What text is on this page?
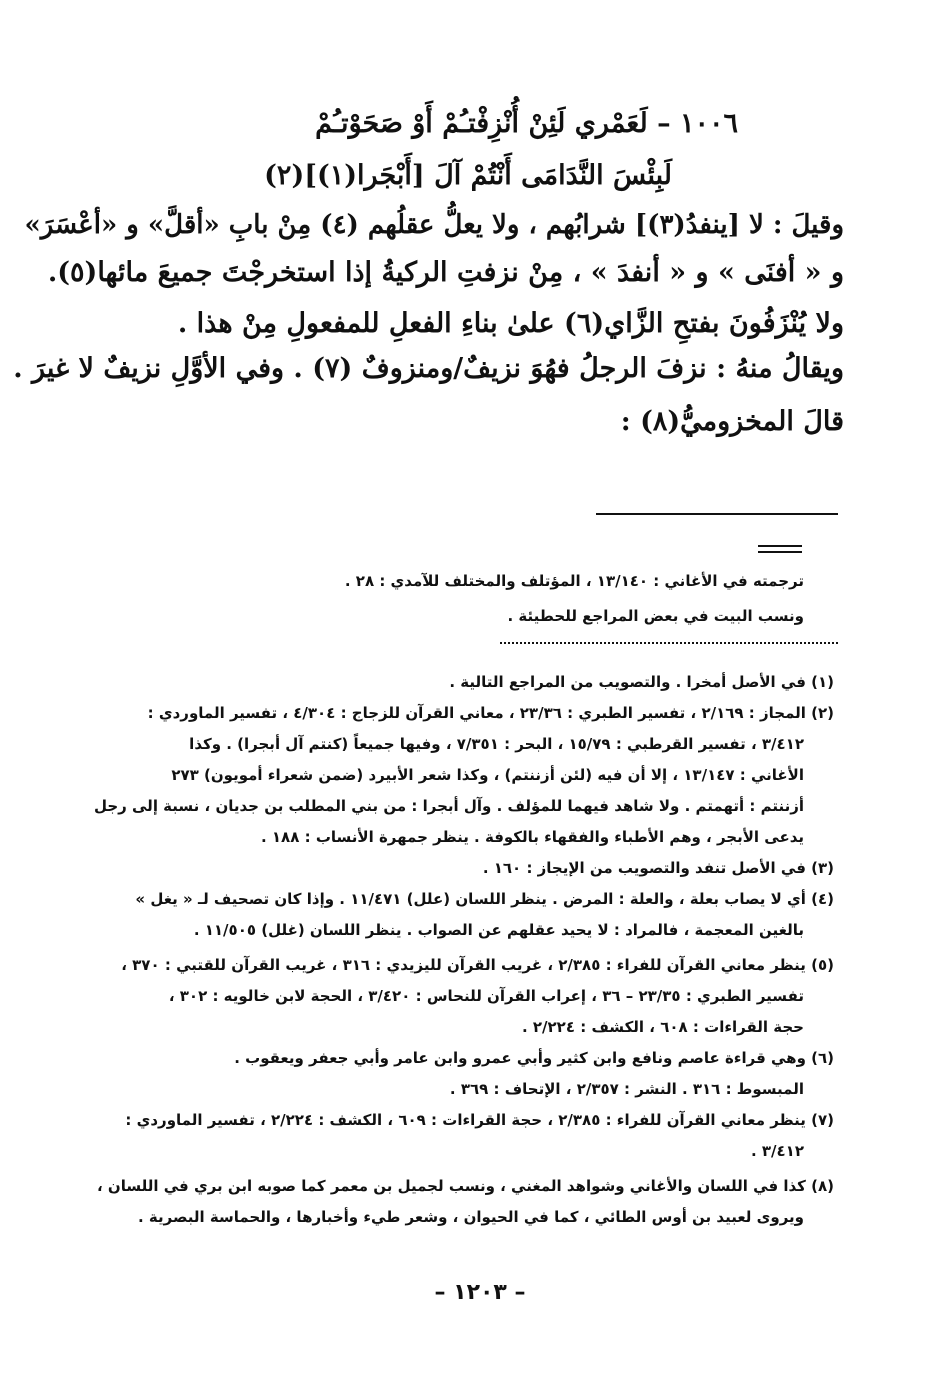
١٠٠٦ – لَعَمْري لَئِنْ أُنْزِفْتـُمْ أَوْ صَحَوْتـُمْ
لَبِئْسَ النَّدَامَى أَنْتُمْ آلَ [أَبْجَرا(١)](٢)
وقيلَ : لا [ينفدُ(٣)] شرابُهم ، ولا يعلُّ عقلُهم (٤) مِنْ بابِ «أقلَّ» و «أعْسَرَ»
و « أفنَى » و « أنفدَ » ، مِنْ نزفتِ الركيةُ إذا استخرجْتَ جميعَ مائها(٥).
ولا يُنْزَفُونَ بفتحِ الزَّاي(٦) علىٰ بناءِ الفعلِ للمفعولِ مِنْ هذا .
ويقالُ منهُ : نزفَ الرجلُ فهُوَ نزيفٌ/ومنزوفٌ (٧) . وفي الأوَّلِ نزيفٌ لا غيرَ .
قالَ المخزوميُّ(٨) :
ترجمته في الأغاني : ١٣/١٤٠ ، المؤتلف والمختلف للآمدي : ٢٨ .
ونسب البيت في بعض المراجع للحطيئة .
(١) في الأصل أمخرا . والتصويب من المراجع التالية .
(٢) المجاز : ٢/١٦٩ ، تفسير الطبري : ٢٣/٣٦ ، معاني القرآن للزجاج : ٤/٣٠٤ ، تفسير الماوردي :
٣/٤١٢ ، تفسير القرطبي : ١٥/٧٩ ، البحر : ٧/٣٥١ ، وفيها جميعاً (كنتم آل أبجرا) . وكذا
الأغاني : ١٣/١٤٧ ، إلا أن فيه (لئن أزننتم) ، وكذا شعر الأبيرد (ضمن شعراء أمويون) ٢٧٣
أزننتم : أتهمتم . ولا شاهد فيهما للمؤلف . وآل أبجرا : من بني المطلب بن جديان ، نسبة إلى رجل
يدعى الأبجر ، وهم الأطباء والفقهاء بالكوفة . ينظر جمهرة الأنساب : ١٨٨ .
(٣) في الأصل تنفد والتصويب من الإيجاز : ١٦٠ .
(٤) أي لا يصاب بعلة ، والعلة : المرض . ينظر اللسان (علل) ١١/٤٧١ . وإذا كان تصحيف لـ « يغل »
بالغين المعجمة ، فالمراد : لا يحيد عقلهم عن الصواب . ينظر اللسان (غلل) ١١/٥٠٥ .
(٥) ينظر معاني القرآن للفراء : ٢/٣٨٥ ، غريب القرآن لليزيدي : ٣١٦ ، غريب القرآن للقتبي : ٣٧٠ ،
تفسير الطبري : ٢٣/٣٥ – ٣٦ ، إعراب القرآن للنحاس : ٣/٤٢٠ ، الحجة لابن خالويه : ٣٠٢ ،
حجة القراءات : ٦٠٨ ، الكشف : ٢/٢٢٤ .
(٦) وهي قراءة عاصم ونافع وابن كثير وأبي عمرو وابن عامر وأبي جعفر ويعقوب .
المبسوط : ٣١٦ . النشر : ٢/٣٥٧ ، الإتحاف : ٣٦٩ .
(٧) ينظر معاني القرآن للفراء : ٢/٣٨٥ ، حجة القراءات : ٦٠٩ ، الكشف : ٢/٢٢٤ ، تفسير الماوردي :
٣/٤١٢ .
(٨) كذا في اللسان والأغاني وشواهد المغني ، ونسب لجميل بن معمر كما صوبه ابن بري في اللسان ،
ويروى لعبيد بن أوس الطائي ، كما في الحيوان ، وشعر طيء وأخبارها ، والحماسة البصرية .
– ١٢٠٣ –
